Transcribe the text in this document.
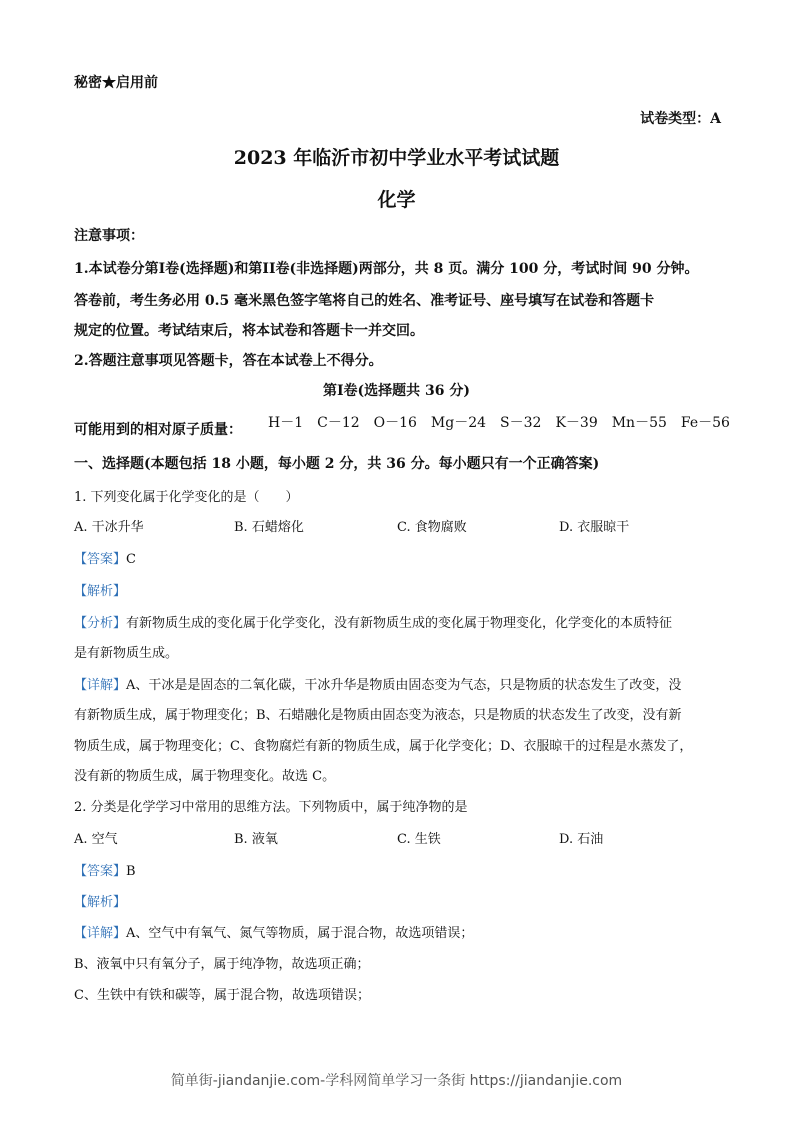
秘密★启用前
试卷类型：A
2023 年临沂市初中学业水平考试试题
化学
注意事项：
1.本试卷分第I卷(选择题)和第II卷(非选择题)两部分，共 8 页。满分 100 分，考试时间 90 分钟。
答卷前，考生务必用 0.5 毫米黑色签字笔将自己的姓名、准考证号、座号填写在试卷和答题卡
规定的位置。考试结束后，将本试卷和答题卡一并交回。
2.答题注意事项见答题卡，答在本试卷上不得分。
第I卷(选择题共 36 分)
可能用到的相对原子质量： H－1　C－12　O－16　Mg－24　S－32　K－39　Mn－55　Fe－56
一、选择题(本题包括 18 小题，每小题 2 分，共 36 分。每小题只有一个正确答案)
1. 下列变化属于化学变化的是（　　）
A. 干冰升华	B. 石蜡熔化	C. 食物腐败	D. 衣服晾干
【答案】C
【解析】
【分析】有新物质生成的变化属于化学变化，没有新物质生成的变化属于物理变化，化学变化的本质特征
是有新物质生成。
【详解】A、干冰是是固态的二氧化碳，干冰升华是物质由固态变为气态，只是物质的状态发生了改变，没
有新物质生成，属于物理变化；B、石蜡融化是物质由固态变为液态，只是物质的状态发生了改变，没有新
物质生成，属于物理变化；C、食物腐烂有新的物质生成，属于化学变化；D、衣服晾干的过程是水蒸发了，
没有新的物质生成，属于物理变化。故选 C。
2. 分类是化学学习中常用的思维方法。下列物质中，属于纯净物的是
A. 空气	B. 液氧	C. 生铁	D. 石油
【答案】B
【解析】
【详解】A、空气中有氧气、氮气等物质，属于混合物，故选项错误；
B、液氧中只有氧分子，属于纯净物，故选项正确；
C、生铁中有铁和碳等，属于混合物，故选项错误；
简单街-jiandanjie.com-学科网简单学习一条街 https://jiandanjie.com
